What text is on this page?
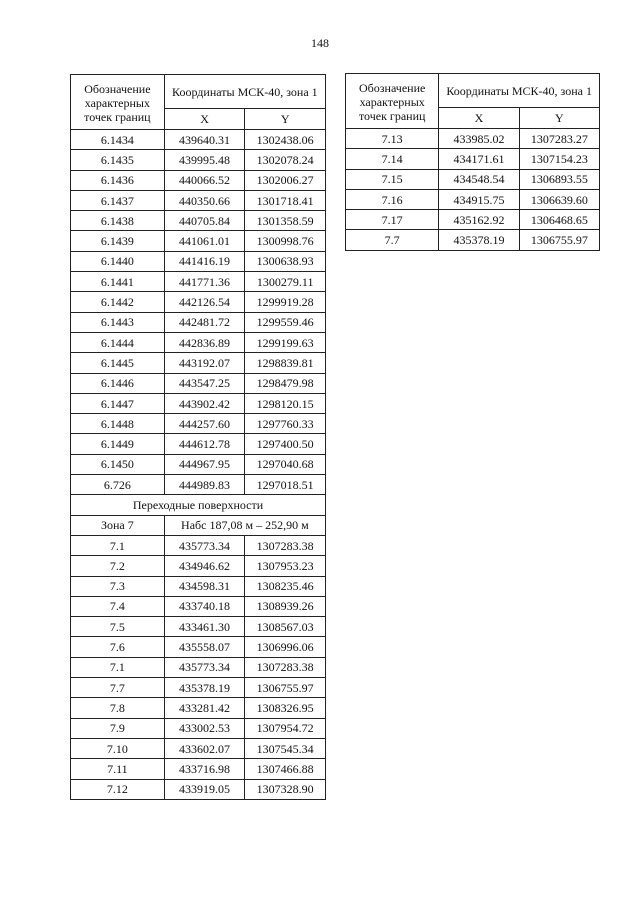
148
Обозначение характерных точек границ	Координаты МСК-40, зона 1	
	X	Y
6.1434	439640.31	1302438.06
6.1435	439995.48	1302078.24
6.1436	440066.52	1302006.27
6.1437	440350.66	1301718.41
6.1438	440705.84	1301358.59
6.1439	441061.01	1300998.76
6.1440	441416.19	1300638.93
6.1441	441771.36	1300279.11
6.1442	442126.54	1299919.28
6.1443	442481.72	1299559.46
6.1444	442836.89	1299199.63
6.1445	443192.07	1298839.81
6.1446	443547.25	1298479.98
6.1447	443902.42	1298120.15
6.1448	444257.60	1297760.33
6.1449	444612.78	1297400.50
6.1450	444967.95	1297040.68
6.726	444989.83	1297018.51
Переходные поверхности		
Зона 7	Набс 187,08 м – 252,90 м	
7.1	435773.34	1307283.38
7.2	434946.62	1307953.23
7.3	434598.31	1308235.46
7.4	433740.18	1308939.26
7.5	433461.30	1308567.03
7.6	435558.07	1306996.06
7.1	435773.34	1307283.38
7.7	435378.19	1306755.97
7.8	433281.42	1308326.95
7.9	433002.53	1307954.72
7.10	433602.07	1307545.34
7.11	433716.98	1307466.88
7.12	433919.05	1307328.90
Обозначение характерных точек границ	Координаты МСК-40, зона 1	
	X	Y
7.13	433985.02	1307283.27
7.14	434171.61	1307154.23
7.15	434548.54	1306893.55
7.16	434915.75	1306639.60
7.17	435162.92	1306468.65
7.7	435378.19	1306755.97
